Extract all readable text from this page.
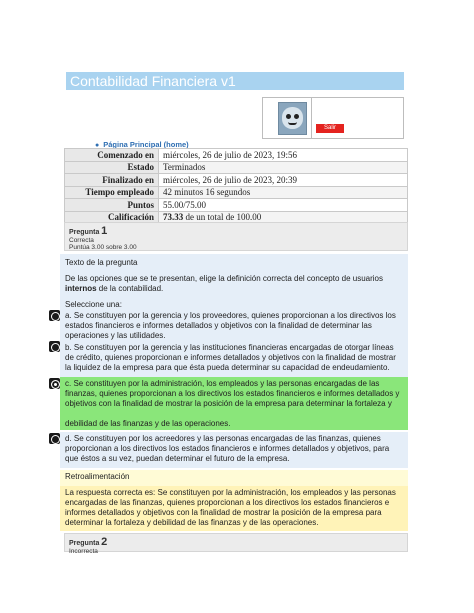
Contabilidad Financiera v1
Salir
● Página Principal (home)
Comenzado en	miércoles, 26 de julio de 2023, 19:56
Estado	Terminados
Finalizado en	miércoles, 26 de julio de 2023, 20:39
Tiempo empleado	42 minutos 16 segundos
Puntos	55.00/75.00
Calificación	73.33 de un total de 100.00
Pregunta 1
Correcta
Puntúa 3.00 sobre 3.00

Texto de la pregunta

De las opciones que se te presentan, elige la definición correcta del concepto de usuarios internos de la contabilidad.

Seleccione una:

a. Se constituyen por la gerencia y los proveedores, quienes proporcionan a los directivos los estados financieros e informes detallados y objetivos con la finalidad de determinar las operaciones y las utilidades.
b. Se constituyen por la gerencia y las instituciones financieras encargadas de otorgar líneas de crédito, quienes proporcionan e informes detallados y objetivos con la finalidad de mostrar la liquidez de la empresa para que ésta pueda determinar su capacidad de endeudamiento.
c. Se constituyen por la administración, los empleados y las personas encargadas de las finanzas, quienes proporcionan a los directivos los estados financieros e informes detallados y objetivos con la finalidad de mostrar la posición de la empresa para determinar la fortaleza y
debilidad de las finanzas y de las operaciones.
d. Se constituyen por los acreedores y las personas encargadas de las finanzas, quienes proporcionan a los directivos los estados financieros e informes detallados y objetivos, para que éstos a su vez, puedan determinar el futuro de la empresa.
Retroalimentación
La respuesta correcta es: Se constituyen por la administración, los empleados y las personas encargadas de las finanzas, quienes proporcionan a los directivos los estados financieros e informes detallados y objetivos con la finalidad de mostrar la posición de la empresa para determinar la fortaleza y debilidad de las finanzas y de las operaciones.
Pregunta 2
Incorrecta
